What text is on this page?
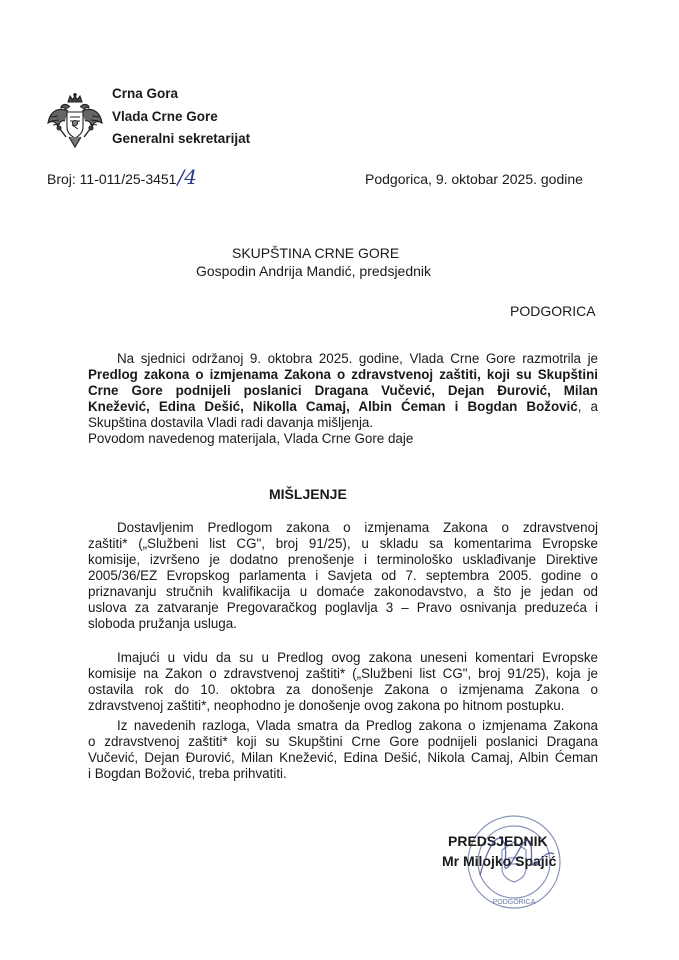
Crna Gora
Vlada Crne Gore
Generalni sekretarijat
Broj: 11-011/25-3451/4	Podgorica, 9. oktobar 2025. godine
SKUPŠTINA CRNE GORE
Gospodin Andrija Mandić, predsjednik
PODGORICA
Na sjednici održanoj 9. oktobra 2025. godine, Vlada Crne Gore razmotrila je
Predlog zakona o izmjenama Zakona o zdravstvenoj zaštiti, koji su Skupštini
Crne Gore podnijeli poslanici Dragana Vučević, Dejan Đurović, Milan
Knežević, Edina Dešić, Nikolla Camaj, Albin Ćeman i Bogdan Božović, a
Skupština dostavila Vladi radi davanja mišljenja.
Povodom navedenog materijala, Vlada Crne Gore daje
MIŠLJENJE
Dostavljenim Predlogom zakona o izmjenama Zakona o zdravstvenoj
zaštiti* („Službeni list CG", broj 91/25), u skladu sa komentarima Evropske
komisije, izvršeno je dodatno prenošenje i terminološko usklađivanje Direktive
2005/36/EZ Evropskog parlamenta i Savjeta od 7. septembra 2005. godine o
priznavanju stručnih kvalifikacija u domaće zakonodavstvo, a što je jedan od
uslova za zatvaranje Pregovaračkog poglavlja 3 – Pravo osnivanja preduzeća i
sloboda pružanja usluga.
Imajući u vidu da su u Predlog ovog zakona uneseni komentari Evropske
komisije na Zakon o zdravstvenoj zaštiti* („Službeni list CG", broj 91/25), koja je
ostavila rok do 10. oktobra za donošenje Zakona o izmjenama Zakona o
zdravstvenoj zaštiti*, neophodno je donošenje ovog zakona po hitnom postupku.
Iz navedenih razloga, Vlada smatra da Predlog zakona o izmjenama Zakona
o zdravstvenoj zaštiti* koji su Skupštini Crne Gore podnijeli poslanici Dragana
Vučević, Dejan Đurović, Milan Knežević, Edina Dešić, Nikola Camaj, Albin Ćeman
i Bogdan Božović, treba prihvatiti.
PODGORICA
PREDSJEDNIK
Mr Milojko Spajić
